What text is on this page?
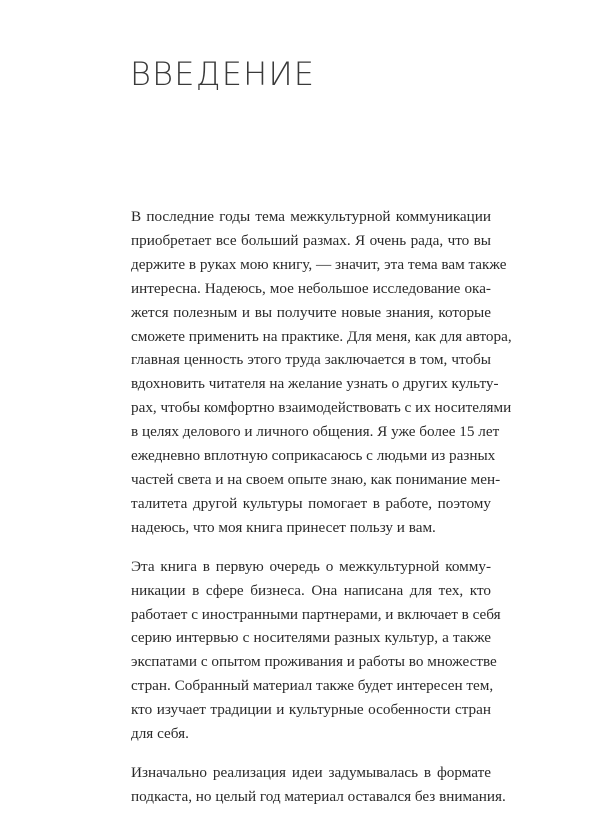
ВВЕДЕНИЕ

В последние годы тема межкультурной коммуникации
приобретает все больший размах. Я очень рада, что вы
держите в руках мою книгу, — значит, эта тема вам также
интересна. Надеюсь, мое небольшое исследование ока-
жется полезным и вы получите новые знания, которые
сможете применить на практике. Для меня, как для автора,
главная ценность этого труда заключается в том, чтобы
вдохновить читателя на желание узнать о других культу-
рах, чтобы комфортно взаимодействовать с их носителями
в целях делового и личного общения. Я уже более 15 лет
ежедневно вплотную соприкасаюсь с людьми из разных
частей света и на своем опыте знаю, как понимание мен-
талитета другой культуры помогает в работе, поэтому
надеюсь, что моя книга принесет пользу и вам.

Эта книга в первую очередь о межкультурной комму-
никации в сфере бизнеса. Она написана для тех, кто
работает с иностранными партнерами, и включает в себя
серию интервью с носителями разных культур, а также
экспатами с опытом проживания и работы во множестве
стран. Собранный материал также будет интересен тем,
кто изучает традиции и культурные особенности стран
для себя.

Изначально реализация идеи задумывалась в формате
подкаста, но целый год материал оставался без внимания.
